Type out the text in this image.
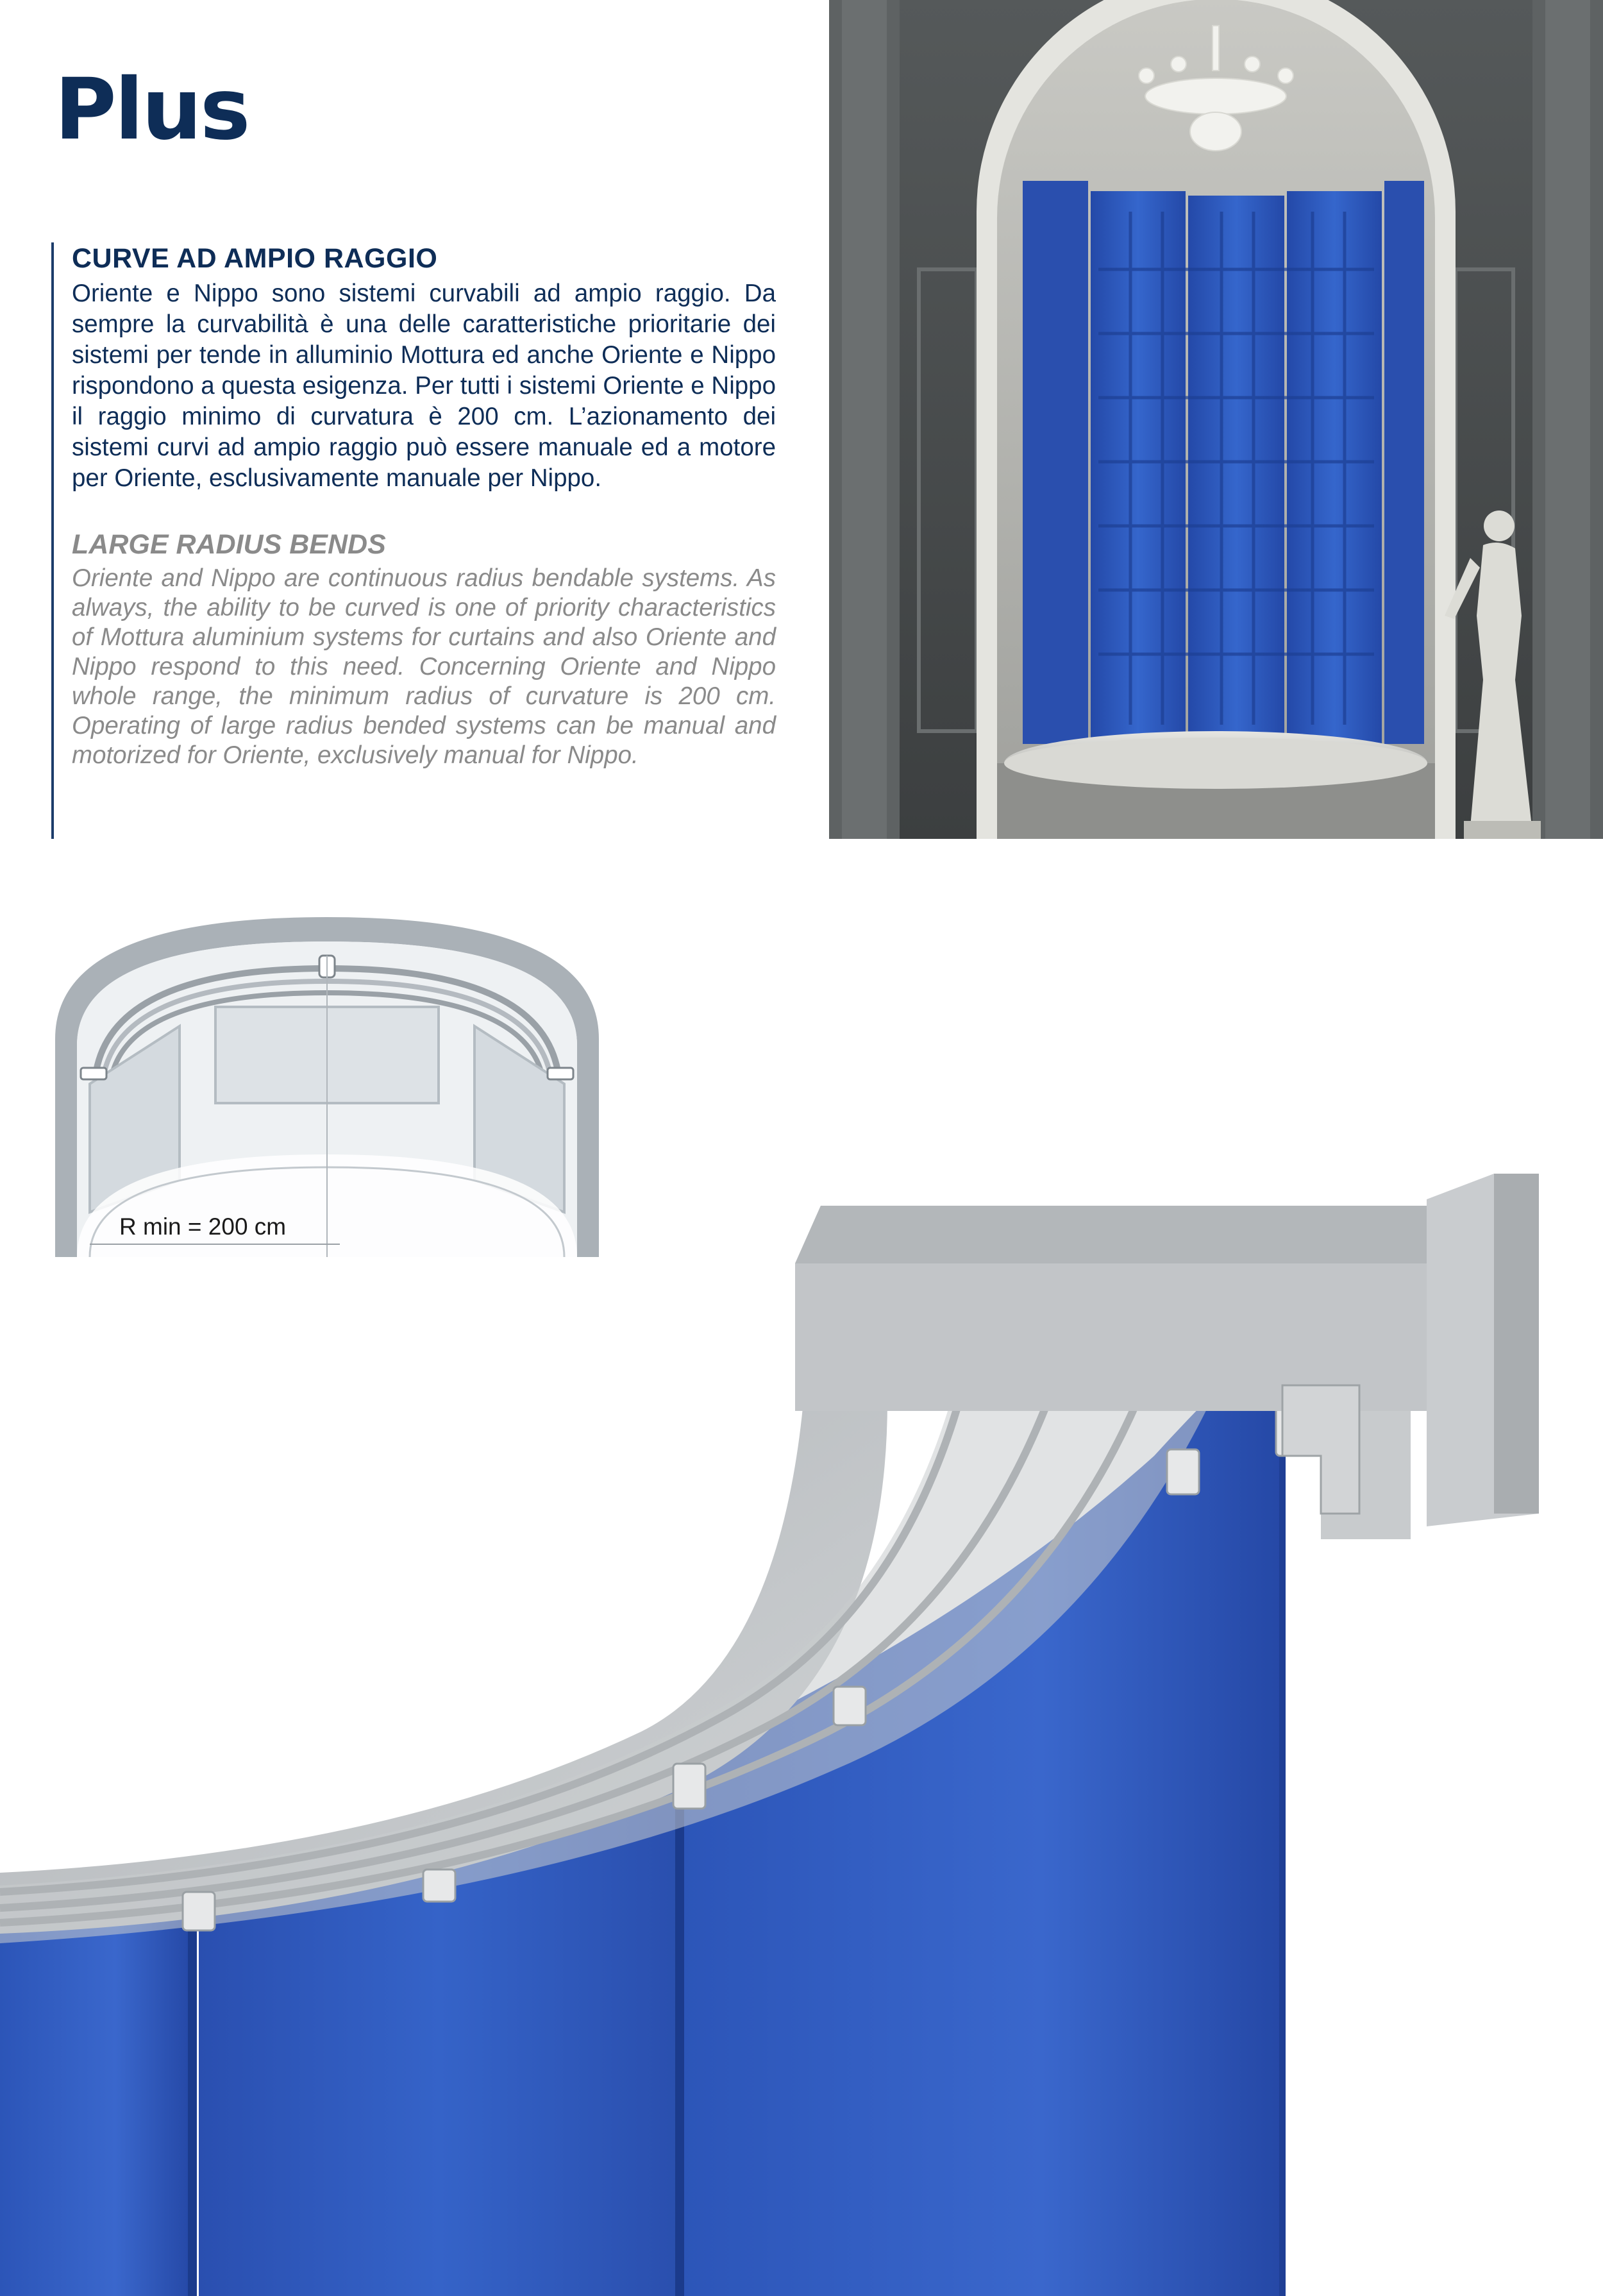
Plus
CURVE AD AMPIO RAGGIO

Oriente e Nippo sono sistemi curvabili ad ampio raggio. Da sempre la curvabilità è una delle caratteristiche prioritarie dei sistemi per tende in alluminio Mottura ed anche Oriente e Nippo rispondono a questa esigenza. Per tutti i sistemi Oriente e Nippo il raggio minimo di curvatura è 200 cm. L’azionamento dei sistemi curvi ad ampio raggio può essere manuale ed a motore per Oriente, esclusivamente manuale per Nippo.

LARGE RADIUS BENDS

Oriente and Nippo are continuous radius bendable systems. As always, the ability to be curved is one of priority characteristics of Mottura aluminium systems for curtains and also Oriente and Nippo respond to this need. Concerning Oriente and Nippo whole range, the minimum radius of curvature is 200 cm. Operating of large radius bended systems can be manual and motorized for Oriente, exclusively manual for Nippo.

R min = 200 cm
